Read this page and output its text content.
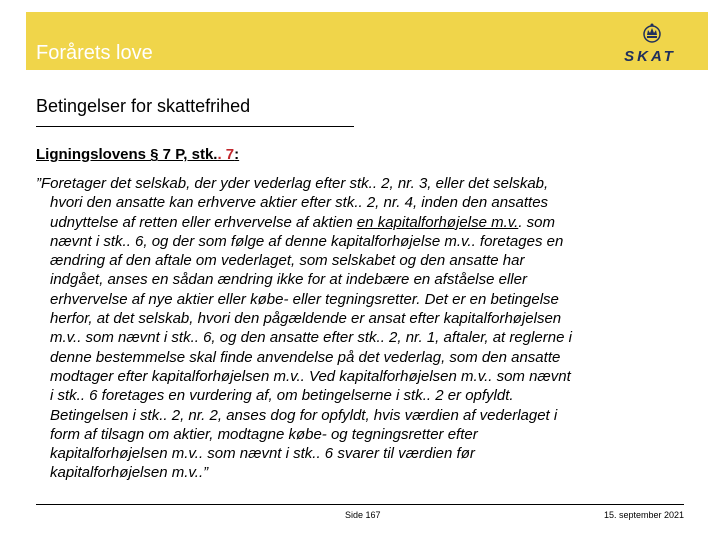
Forårets love	SKAT
Betingelser for skattefrihed
Ligningslovens § 7 P, stk.. 7:
”Foretager det selskab, der yder vederlag efter stk.. 2, nr. 3, eller det selskab,
hvori den ansatte kan erhverve aktier efter stk.. 2, nr. 4, inden den ansattes
udnyttelse af retten eller erhvervelse af aktien en kapitalforhøjelse m.v.. som
nævnt i stk.. 6, og der som følge af denne kapitalforhøjelse m.v.. foretages en
ændring af den aftale om vederlaget, som selskabet og den ansatte har
indgået, anses en sådan ændring ikke for at indebære en afståelse eller
erhvervelse af nye aktier eller købe- eller tegningsretter. Det er en betingelse
herfor, at det selskab, hvori den pågældende er ansat efter kapitalforhøjelsen
m.v.. som nævnt i stk.. 6, og den ansatte efter stk.. 2, nr. 1, aftaler, at reglerne i
denne bestemmelse skal finde anvendelse på det vederlag, som den ansatte
modtager efter kapitalforhøjelsen m.v.. Ved kapitalforhøjelsen m.v.. som nævnt
i stk.. 6 foretages en vurdering af, om betingelserne i stk.. 2 er opfyldt.
Betingelsen i stk.. 2, nr. 2, anses dog for opfyldt, hvis værdien af vederlaget i
form af tilsagn om aktier, modtagne købe- og tegningsretter efter
kapitalforhøjelsen m.v.. som nævnt i stk.. 6 svarer til værdien før
kapitalforhøjelsen m.v..”
Side 167	15. september 2021
